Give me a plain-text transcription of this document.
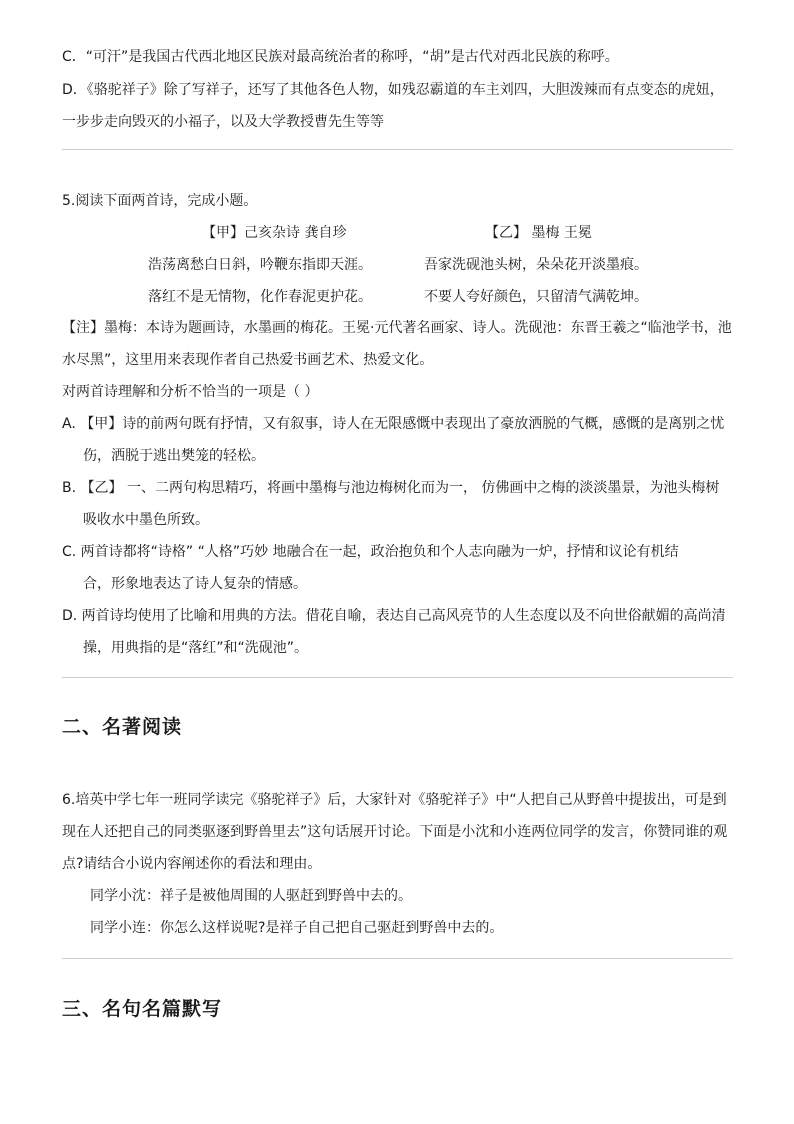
C．“可汗”是我国古代西北地区民族对最高统治者的称呼，“胡”是古代对西北民族的称呼。
D．《骆驼祥子》除了写祥子，还写了其他各色人物，如残忍霸道的车主刘四，大胆泼辣而有点变态的虎妞，
一步步走向毁灭的小福子，以及大学教授曹先生等等
5.阅读下面两首诗，完成小题。
【甲】己亥杂诗 龚自珍	【乙】 墨梅 王冕
浩荡离愁白日斜，吟鞭东指即天涯。	吾家洗砚池头树，朵朵花开淡墨痕。
落红不是无情物，化作春泥更护花。	不要人夸好颜色，只留清气满乾坤。
【注】墨梅：本诗为题画诗，水墨画的梅花。王冕·元代著名画家、诗人。洗砚池：东晋王羲之“临池学书，池
水尽黑”，这里用来表现作者自己热爱书画艺术、热爱文化。
对两首诗理解和分析不恰当的一项是（ ）
A. 【甲】诗的前两句既有抒情，又有叙事，诗人在无限感慨中表现出了豪放洒脱的气概，感慨的是离别之忧
伤，洒脱于逃出樊笼的轻松。
B. 【乙】 一、二两句构思精巧，将画中墨梅与池边梅树化而为一， 仿佛画中之梅的淡淡墨景，为池头梅树
吸收水中墨色所致。
C. 两首诗都将“诗格” “人格”巧妙 地融合在一起，政治抱负和个人志向融为一炉，抒情和议论有机结
合，形象地表达了诗人复杂的情感。
D. 两首诗均使用了比喻和用典的方法。借花自喻，表达自己高风亮节的人生态度以及不向世俗献媚的高尚清
操，用典指的是“落红”和“洗砚池”。
二、名著阅读
6.培英中学七年一班同学读完《骆驼祥子》后，大家针对《骆驼祥子》中“人把自己从野兽中提拔出，可是到
现在人还把自己的同类驱逐到野兽里去”这句话展开讨论。下面是小沈和小连两位同学的发言，你赞同谁的观
点?请结合小说内容阐述你的看法和理由。
同学小沈：祥子是被他周围的人驱赶到野兽中去的。
同学小连：你怎么这样说呢?是祥子自己把自己驱赶到野兽中去的。
三、名句名篇默写
